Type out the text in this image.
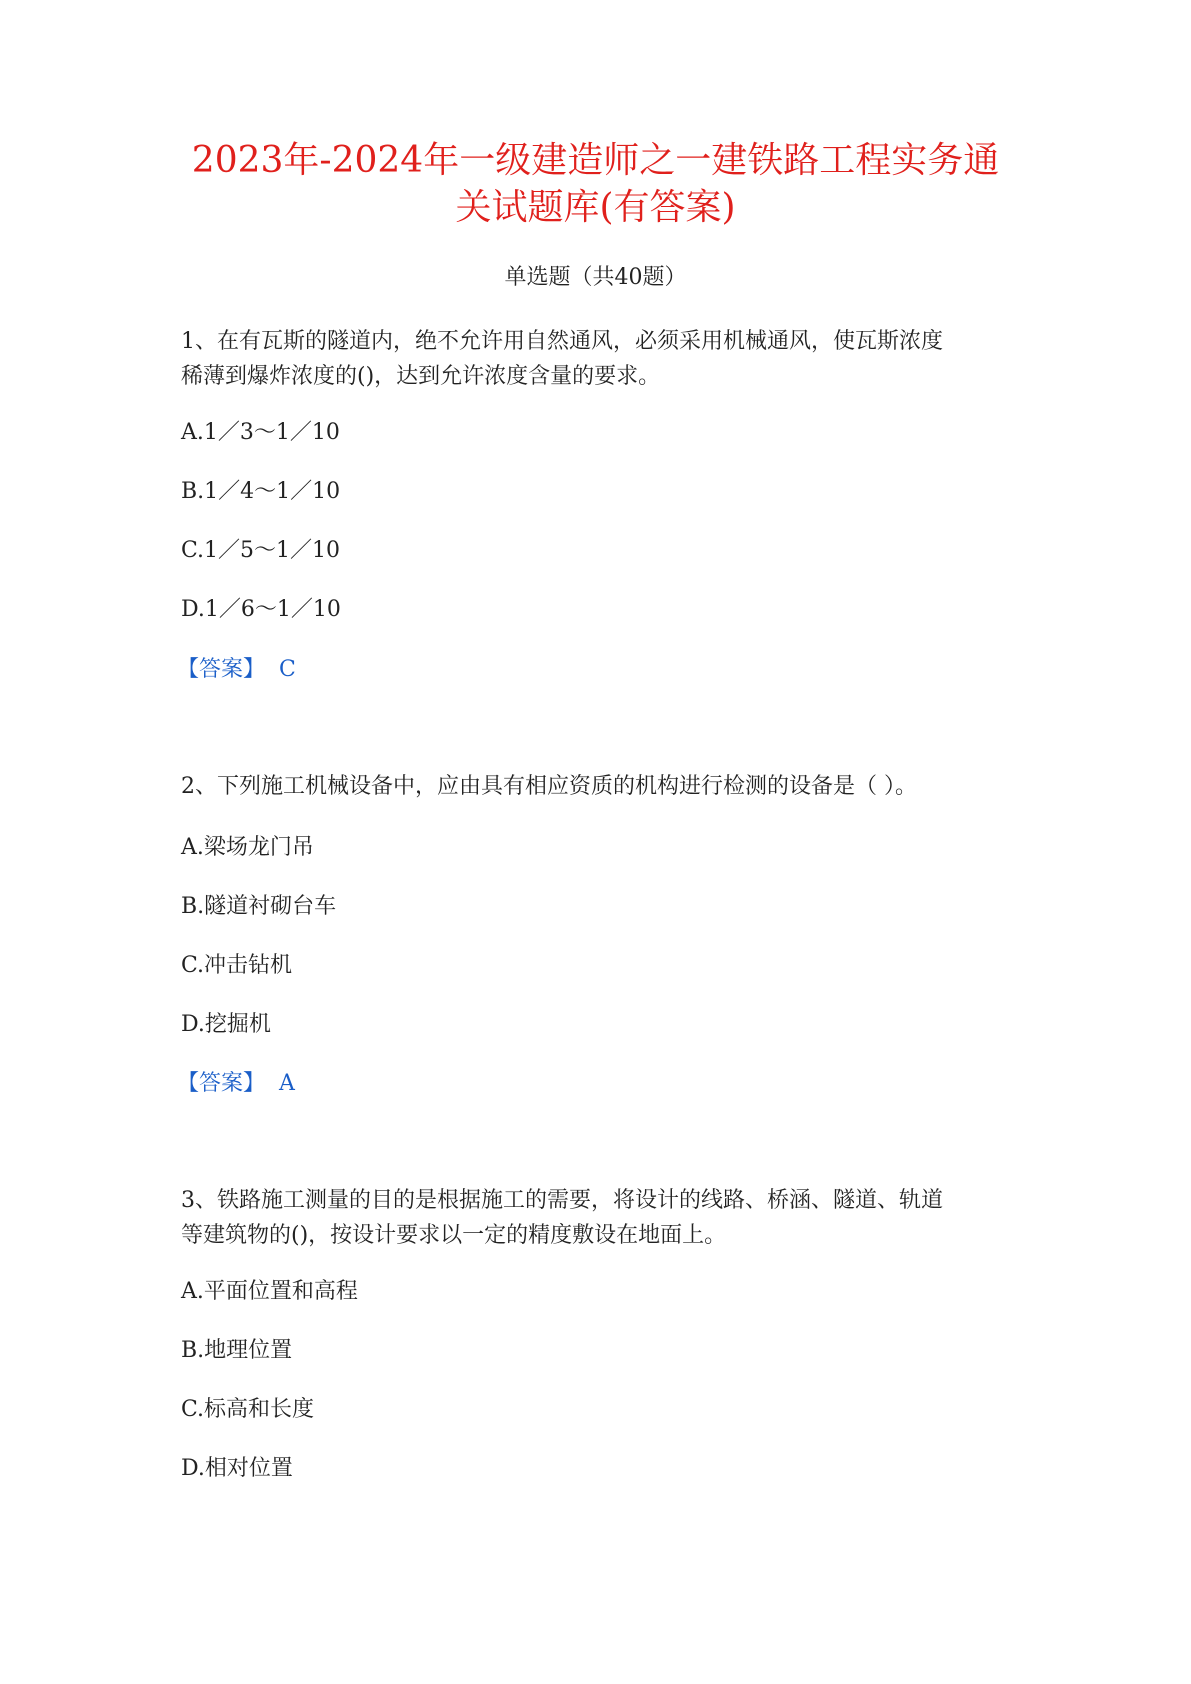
2023年-2024年一级建造师之一建铁路工程实务通
关试题库(有答案)
单选题（共40题）
1、在有瓦斯的隧道内，绝不允许用自然通风，必须采用机械通风，使瓦斯浓度
稀薄到爆炸浓度的()，达到允许浓度含量的要求。
A.1／3～1／10
B.1／4～1／10
C.1／5～1／10
D.1／6～1／10
【答案】 C
2、下列施工机械设备中，应由具有相应资质的机构进行检测的设备是（ ）。
A.梁场龙门吊
B.隧道衬砌台车
C.冲击钻机
D.挖掘机
【答案】 A
3、铁路施工测量的目的是根据施工的需要，将设计的线路、桥涵、隧道、轨道
等建筑物的()，按设计要求以一定的精度敷设在地面上。
A.平面位置和高程
B.地理位置
C.标高和长度
D.相对位置
